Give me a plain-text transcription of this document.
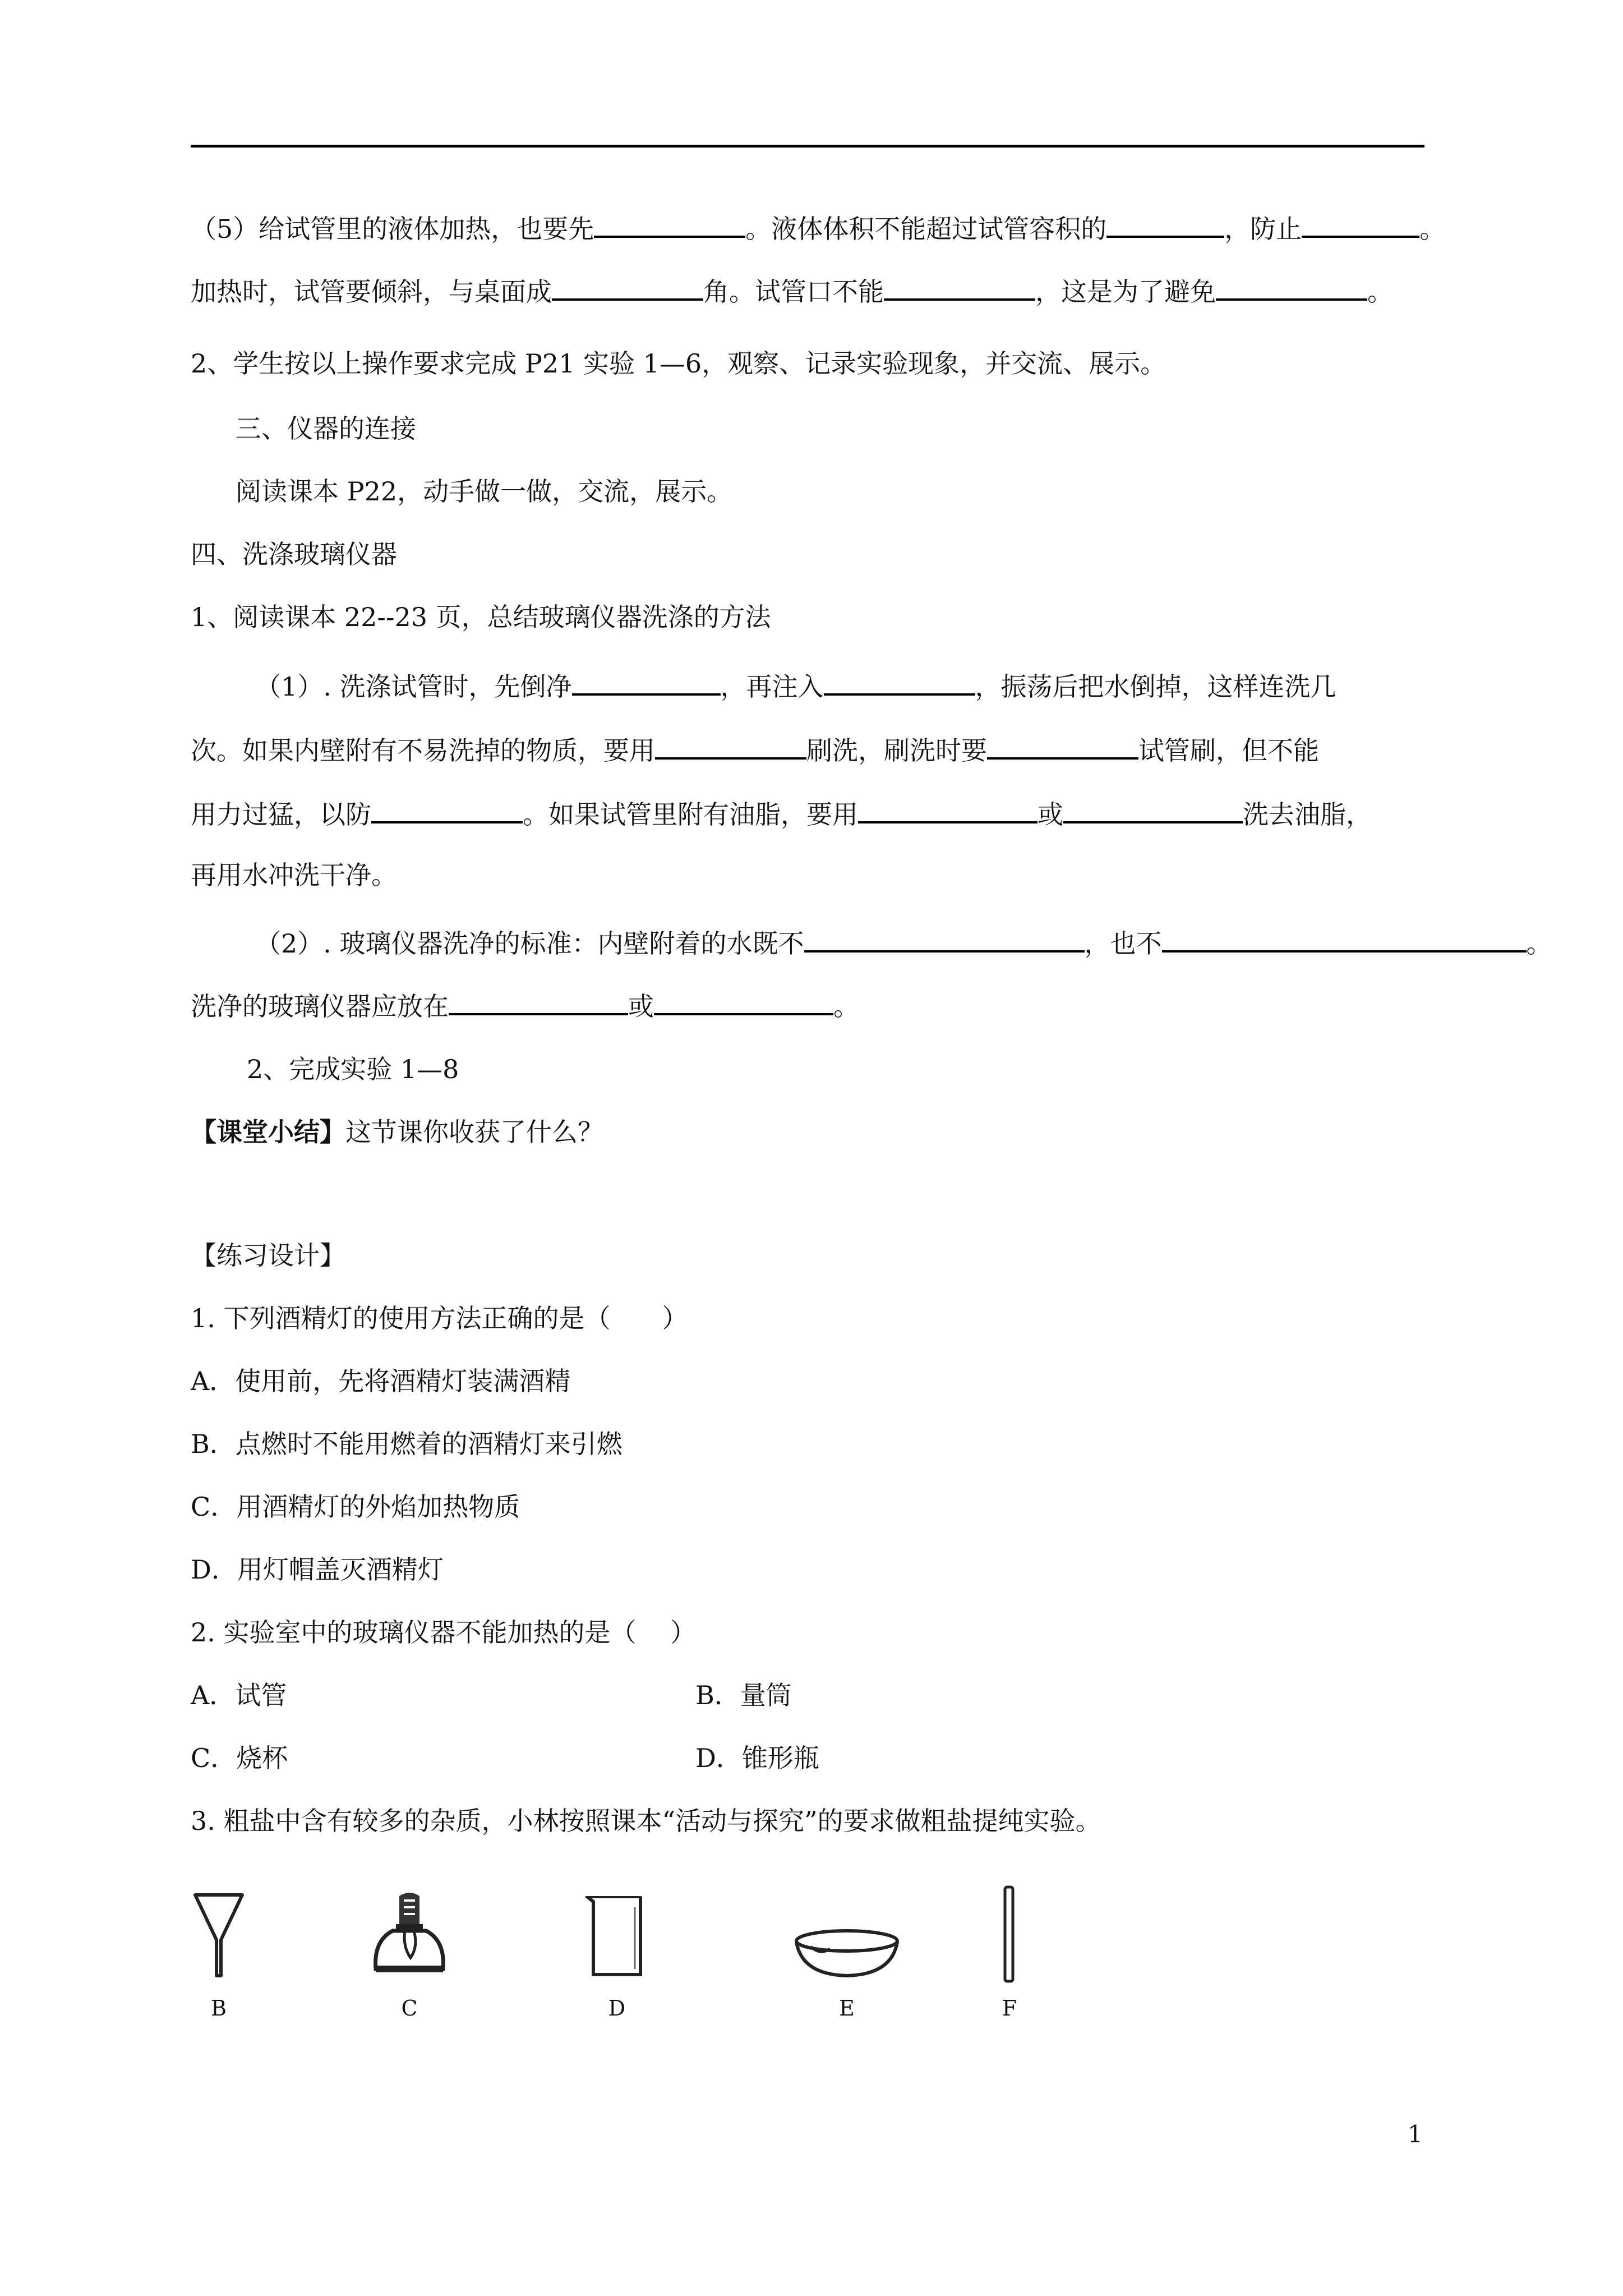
（5）给试管里的液体加热，也要先	。液体体积不能超过试管容积的	，防止	。
加热时，试管要倾斜，与桌面成	角。试管口不能	，这是为了避免	。
2、学生按以上操作要求完成 P21 实验 1—6，观察、记录实验现象，并交流、展示。
三、仪器的连接
阅读课本 P22，动手做一做，交流，展示。
四、洗涤玻璃仪器
1、阅读课本 22--23 页，总结玻璃仪器洗涤的方法
（1）. 洗涤试管时，先倒净	，再注入	，振荡后把水倒掉，这样连洗几
次。如果内壁附有不易洗掉的物质，要用	刷洗，刷洗时要	试管刷，但不能
用力过猛，以防	。如果试管里附有油脂，要用	或	洗去油脂，
再用水冲洗干净。
（2）. 玻璃仪器洗净的标准：内壁附着的水既不	，也不	。
洗净的玻璃仪器应放在	或	。
2、完成实验 1—8
【课堂小结】这节课你收获了什么？
【练习设计】
1. 下列酒精灯的使用方法正确的是（　　）
A．使用前，先将酒精灯装满酒精
B．点燃时不能用燃着的酒精灯来引燃
C．用酒精灯的外焰加热物质
D．用灯帽盖灭酒精灯
2. 实验室中的玻璃仪器不能加热的是（　 ）
A．试管	B．量筒
C．烧杯	D．锥形瓶
3. 粗盐中含有较多的杂质，小林按照课本“活动与探究”的要求做粗盐提纯实验。
B	C	D	E	F
1
